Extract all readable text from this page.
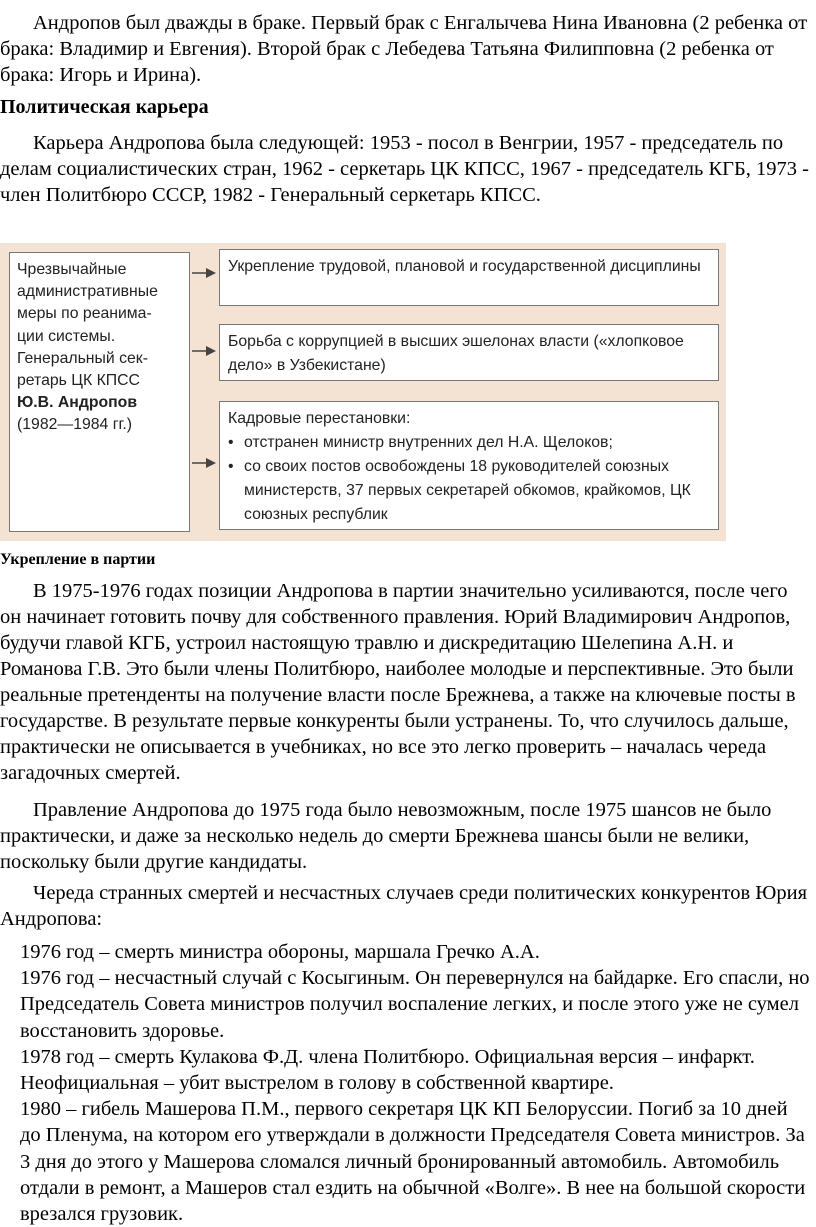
Андропов был дважды в браке. Первый брак с Енгалычева Нина Ивановна (2 ребенка от брака: Владимир и Евгения). Второй брак с Лебедева Татьяна Филипповна (2 ребенка от брака: Игорь и Ирина).

Политическая карьера

Карьера Андропова была следующей: 1953 - посол в Венгрии, 1957 - председатель по делам социалистических стран, 1962 - серкетарь ЦК КПСС, 1967 - председатель КГБ, 1973 - член Политбюро СССР, 1982 - Генеральный серкетарь КПСС.

Чрезвычайные
административные
меры по реанима-
ции системы.
Генеральный сек-
ретарь ЦК КПСС
Ю.В. Андропов
(1982—1984 гг.)
Укрепление трудовой, плановой и государственной дисциплины
Борьба с коррупцией в высших эшелонах власти («хлопковое дело» в Узбекистане)
Кадровые перестановки:
• отстранен министр внутренних дел Н.А. Щелоков;
• со своих постов освобождены 18 руководителей союзных министерств, 37 первых секретарей обкомов, крайкомов, ЦК союзных республик
Укрепление в партии

В 1975-1976 годах позиции Андропова в партии значительно усиливаются, после чего он начинает готовить почву для собственного правления. Юрий Владимирович Андропов, будучи главой КГБ, устроил настоящую травлю и дискредитацию Шелепина А.Н. и Романова Г.В. Это были члены Политбюро, наиболее молодые и перспективные. Это были реальные претенденты на получение власти после Брежнева, а также на ключевые посты в государстве. В результате первые конкуренты были устранены. То, что случилось дальше, практически не описывается в учебниках, но все это легко проверить – началась череда загадочных смертей.

Правление Андропова до 1975 года было невозможным, после 1975 шансов не было практически, и даже за несколько недель до смерти Брежнева шансы были не велики, поскольку были другие кандидаты.

Череда странных смертей и несчастных случаев среди политических конкурентов Юрия Андропова:

1976 год – смерть министра обороны, маршала Гречко А.А.

1976 год – несчастный случай с Косыгиным. Он перевернулся на байдарке. Его спасли, но Председатель Совета министров получил воспаление легких, и после этого уже не сумел восстановить здоровье.

1978 год – смерть Кулакова Ф.Д. члена Политбюро. Официальная версия – инфаркт. Неофициальная – убит выстрелом в голову в собственной квартире.

1980 – гибель Машерова П.М., первого секретаря ЦК КП Белоруссии. Погиб за 10 дней до Пленума, на котором его утверждали в должности Председателя Совета министров. За 3 дня до этого у Машерова сломался личный бронированный автомобиль. Автомобиль отдали в ремонт, а Машеров стал ездить на обычной «Волге». В нее на большой скорости врезался грузовик.
